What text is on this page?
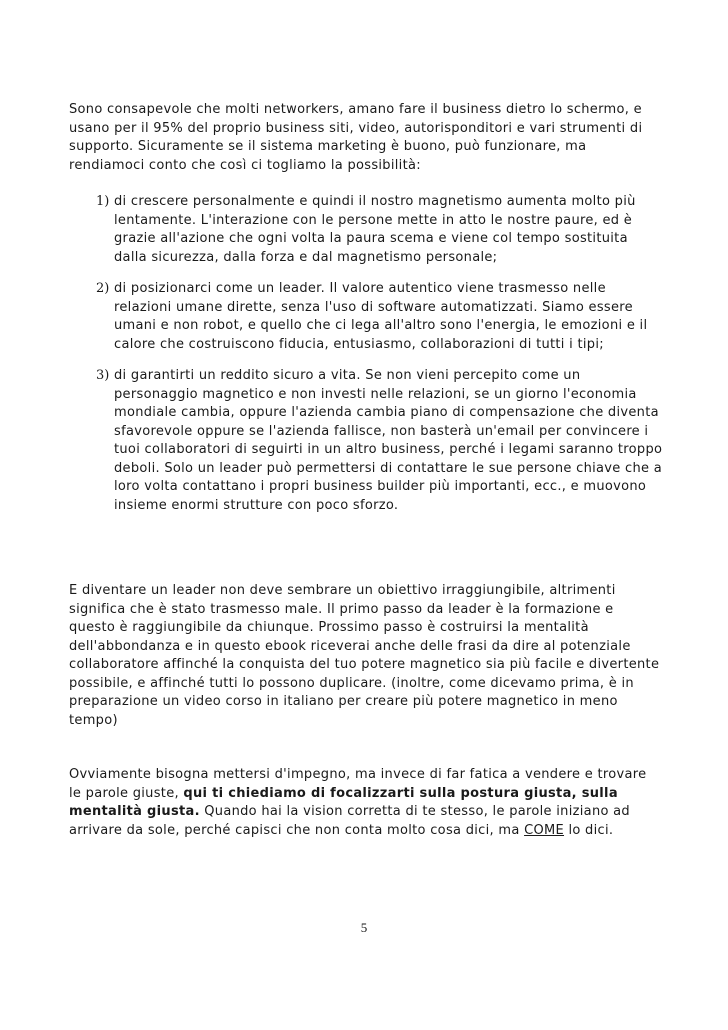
Sono consapevole che molti networkers, amano fare il business dietro lo schermo, e usano per il 95% del proprio business siti, video, autorisponditori e vari strumenti di supporto. Sicuramente se il sistema marketing è buono, può funzionare, ma rendiamoci conto che così ci togliamo la possibilità:

1) di crescere personalmente e quindi il nostro magnetismo aumenta molto più lentamente. L'interazione con le persone mette in atto le nostre paure, ed è grazie all'azione che ogni volta la paura scema e viene col tempo sostituita dalla sicurezza, dalla forza e dal magnetismo personale;
2) di posizionarci come un leader. Il valore autentico viene trasmesso nelle relazioni umane dirette, senza l'uso di software automatizzati. Siamo essere umani e non robot, e quello che ci lega all'altro sono l'energia, le emozioni e il calore che costruiscono fiducia, entusiasmo, collaborazioni di tutti i tipi;
3) di garantirti un reddito sicuro a vita. Se non vieni percepito come un personaggio magnetico e non investi nelle relazioni, se un giorno l'economia mondiale cambia, oppure l'azienda cambia piano di compensazione che diventa sfavorevole oppure se l'azienda fallisce, non basterà un'email per convincere i tuoi collaboratori di seguirti in un altro business, perché i legami saranno troppo deboli. Solo un leader può permettersi di contattare le sue persone chiave che a loro volta contattano i propri business builder più importanti, ecc., e muovono insieme enormi strutture con poco sforzo.

E diventare un leader non deve sembrare un obiettivo irraggiungibile, altrimenti significa che è stato trasmesso male. Il primo passo da leader è la formazione e questo è raggiungibile da chiunque. Prossimo passo è costruirsi la mentalità dell'abbondanza e in questo ebook riceverai anche delle frasi da dire al potenziale collaboratore affinché la conquista del tuo potere magnetico sia più facile e divertente possibile, e affinché tutti lo possono duplicare. (inoltre, come dicevamo prima, è in preparazione un video corso in italiano per creare più potere magnetico in meno tempo)

Ovviamente bisogna mettersi d'impegno, ma invece di far fatica a vendere e trovare le parole giuste, qui ti chiediamo di focalizzarti sulla postura giusta, sulla mentalità giusta. Quando hai la vision corretta di te stesso, le parole iniziano ad arrivare da sole, perché capisci che non conta molto cosa dici, ma COME lo dici.

5
